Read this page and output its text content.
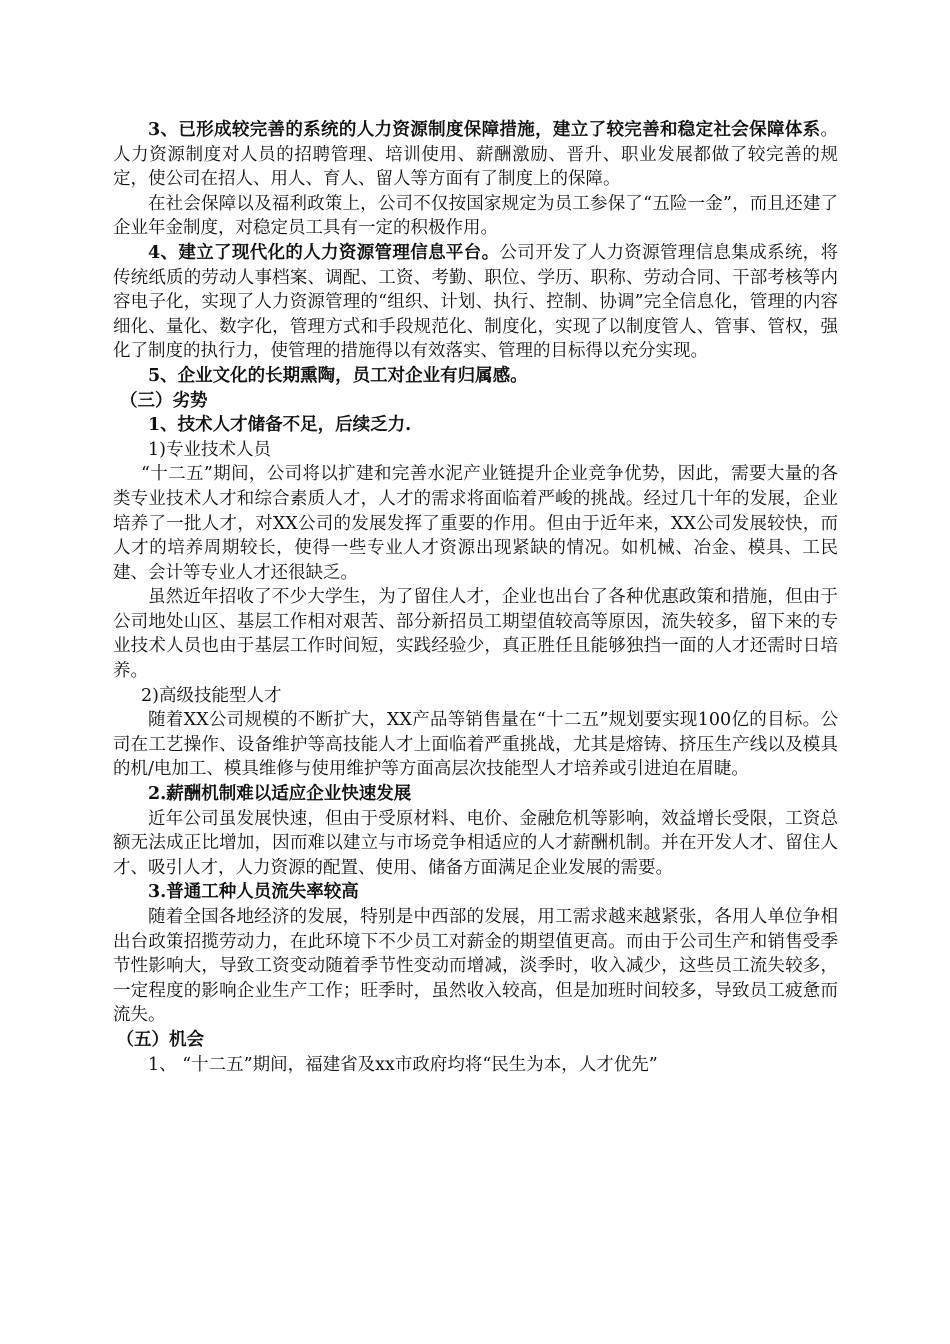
3、已形成较完善的系统的人力资源制度保障措施，建立了较完善和稳定社会保障体系。人力资源制度对人员的招聘管理、培训使用、薪酬激励、晋升、职业发展都做了较完善的规定，使公司在招人、用人、育人、留人等方面有了制度上的保障。

在社会保障以及福利政策上，公司不仅按国家规定为员工参保了“五险一金”，而且还建了企业年金制度，对稳定员工具有一定的积极作用。

4、建立了现代化的人力资源管理信息平台。公司开发了人力资源管理信息集成系统，将传统纸质的劳动人事档案、调配、工资、考勤、职位、学历、职称、劳动合同、干部考核等内容电子化，实现了人力资源管理的“组织、计划、执行、控制、协调”完全信息化，管理的内容细化、量化、数字化，管理方式和手段规范化、制度化，实现了以制度管人、管事、管权，强化了制度的执行力，使管理的措施得以有效落实、管理的目标得以充分实现。

5、企业文化的长期熏陶，员工对企业有归属感。

（三）劣势

1、技术人才储备不足，后续乏力.

1)专业技术人员

“十二五”期间，公司将以扩建和完善水泥产业链提升企业竞争优势，因此，需要大量的各类专业技术人才和综合素质人才，人才的需求将面临着严峻的挑战。经过几十年的发展，企业培养了一批人才，对XX公司的发展发挥了重要的作用。但由于近年来，XX公司发展较快，而人才的培养周期较长，使得一些专业人才资源出现紧缺的情况。如机械、冶金、模具、工民建、会计等专业人才还很缺乏。

虽然近年招收了不少大学生，为了留住人才，企业也出台了各种优惠政策和措施，但由于公司地处山区、基层工作相对艰苦、部分新招员工期望值较高等原因，流失较多，留下来的专业技术人员也由于基层工作时间短，实践经验少，真正胜任且能够独挡一面的人才还需时日培养。

2)高级技能型人才

随着XX公司规模的不断扩大，XX产品等销售量在“十二五”规划要实现100亿的目标。公司在工艺操作、设备维护等高技能人才上面临着严重挑战，尤其是熔铸、挤压生产线以及模具的机/电加工、模具维修与使用维护等方面高层次技能型人才培养或引进迫在眉睫。

2.薪酬机制难以适应企业快速发展

近年公司虽发展快速，但由于受原材料、电价、金融危机等影响，效益增长受限，工资总额无法成正比增加，因而难以建立与市场竞争相适应的人才薪酬机制。并在开发人才、留住人才、吸引人才，人力资源的配置、使用、储备方面满足企业发展的需要。

3.普通工种人员流失率较高

随着全国各地经济的发展，特别是中西部的发展，用工需求越来越紧张，各用人单位争相出台政策招揽劳动力，在此环境下不少员工对薪金的期望值更高。而由于公司生产和销售受季节性影响大，导致工资变动随着季节性变动而增减，淡季时，收入减少，这些员工流失较多，一定程度的影响企业生产工作；旺季时，虽然收入较高，但是加班时间较多，导致员工疲惫而流失。

（五）机会

1、 “十二五”期间，福建省及xx市政府均将“民生为本，人才优先”
